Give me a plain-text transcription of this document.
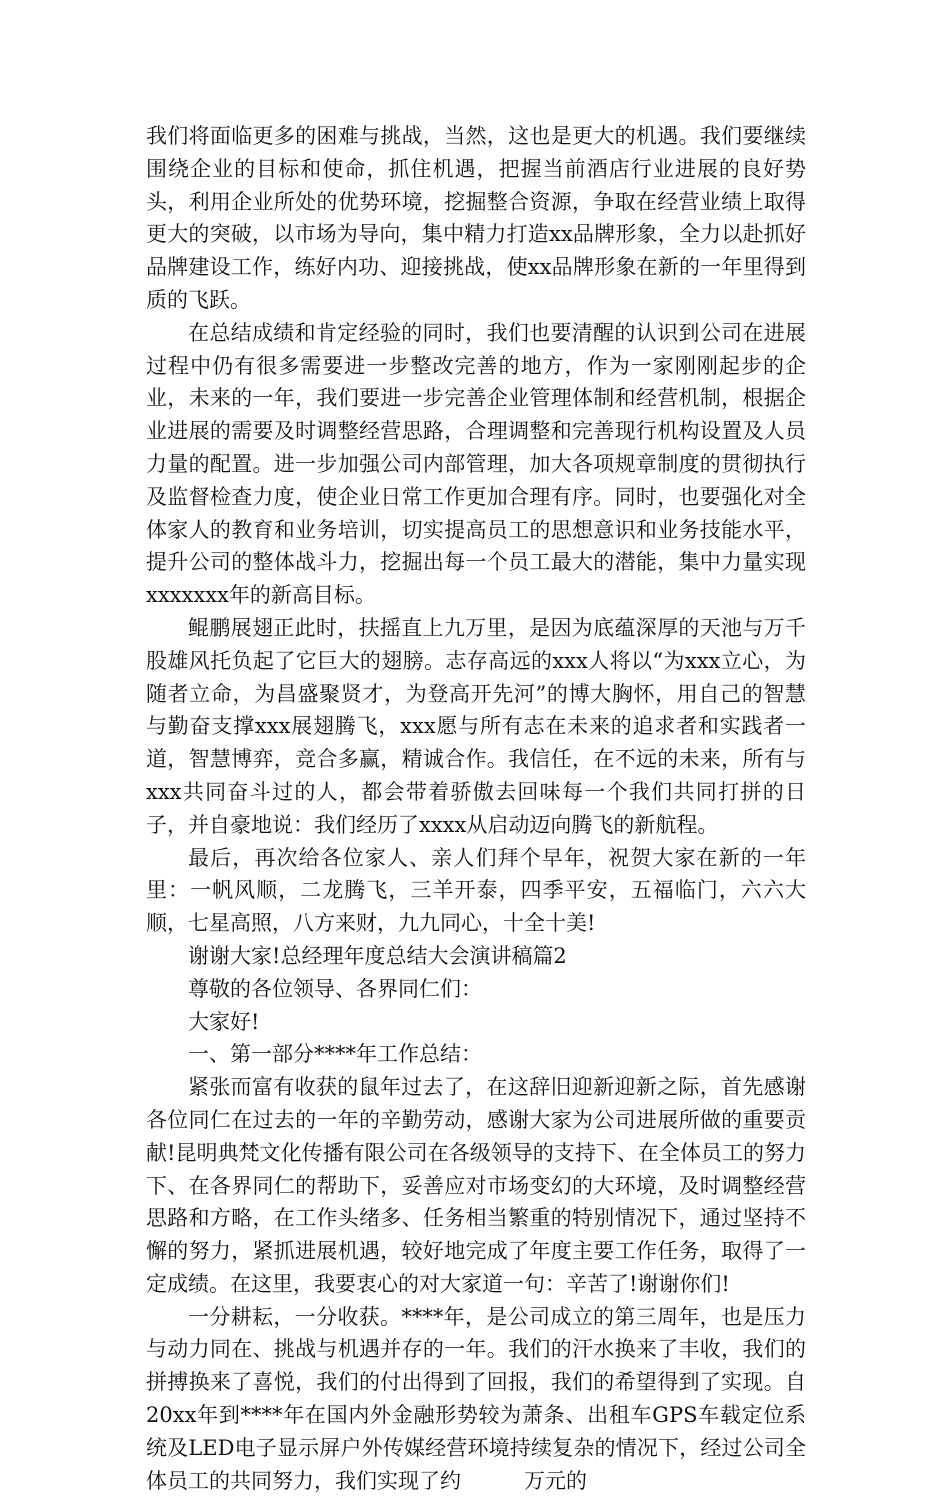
我们将面临更多的困难与挑战，当然，这也是更大的机遇。我们要继续围绕企业的目标和使命，抓住机遇，把握当前酒店行业进展的良好势头，利用企业所处的优势环境，挖掘整合资源，争取在经营业绩上取得更大的突破，以市场为导向，集中精力打造xx品牌形象，全力以赴抓好品牌建设工作，练好内功、迎接挑战，使xx品牌形象在新的一年里得到质的飞跃。

在总结成绩和肯定经验的同时，我们也要清醒的认识到公司在进展过程中仍有很多需要进一步整改完善的地方，作为一家刚刚起步的企业，未来的一年，我们要进一步完善企业管理体制和经营机制，根据企业进展的需要及时调整经营思路，合理调整和完善现行机构设置及人员力量的配置。进一步加强公司内部管理，加大各项规章制度的贯彻执行及监督检查力度，使企业日常工作更加合理有序。同时，也要强化对全体家人的教育和业务培训，切实提高员工的思想意识和业务技能水平，提升公司的整体战斗力，挖掘出每一个员工最大的潜能，集中力量实现xxxxxxx年的新高目标。

鲲鹏展翅正此时，扶摇直上九万里，是因为底蕴深厚的天池与万千股雄风托负起了它巨大的翅膀。志存高远的xxx人将以“为xxx立心，为随者立命，为昌盛聚贤才，为登高开先河”的博大胸怀，用自己的智慧与勤奋支撑xxx展翅腾飞，xxx愿与所有志在未来的追求者和实践者一道，智慧博弈，竞合多赢，精诚合作。我信任，在不远的未来，所有与xxx共同奋斗过的人，都会带着骄傲去回味每一个我们共同打拼的日子，并自豪地说：我们经历了xxxx从启动迈向腾飞的新航程。

最后，再次给各位家人、亲人们拜个早年，祝贺大家在新的一年里：一帆风顺，二龙腾飞，三羊开泰，四季平安，五福临门，六六大顺，七星高照，八方来财，九九同心，十全十美!

谢谢大家!总经理年度总结大会演讲稿篇2

尊敬的各位领导、各界同仁们：

大家好!

一、第一部分****年工作总结：

紧张而富有收获的鼠年过去了，在这辞旧迎新迎新之际，首先感谢各位同仁在过去的一年的辛勤劳动，感谢大家为公司进展所做的重要贡献!昆明典梵文化传播有限公司在各级领导的支持下、在全体员工的努力下、在各界同仁的帮助下，妥善应对市场变幻的大环境，及时调整经营思路和方略，在工作头绪多、任务相当繁重的特别情况下，通过坚持不懈的努力，紧抓进展机遇，较好地完成了年度主要工作任务，取得了一定成绩。在这里，我要衷心的对大家道一句：辛苦了!谢谢你们!

一分耕耘，一分收获。****年，是公司成立的第三周年，也是压力与动力同在、挑战与机遇并存的一年。我们的汗水换来了丰收，我们的拼搏换来了喜悦，我们的付出得到了回报，我们的希望得到了实现。自20xx年到****年在国内外金融形势较为萧条、出租车GPS车载定位系统及LED电子显示屏户外传媒经营环境持续复杂的情况下，经过公司全体员工的共同努力，我们实现了约　　　万元的
